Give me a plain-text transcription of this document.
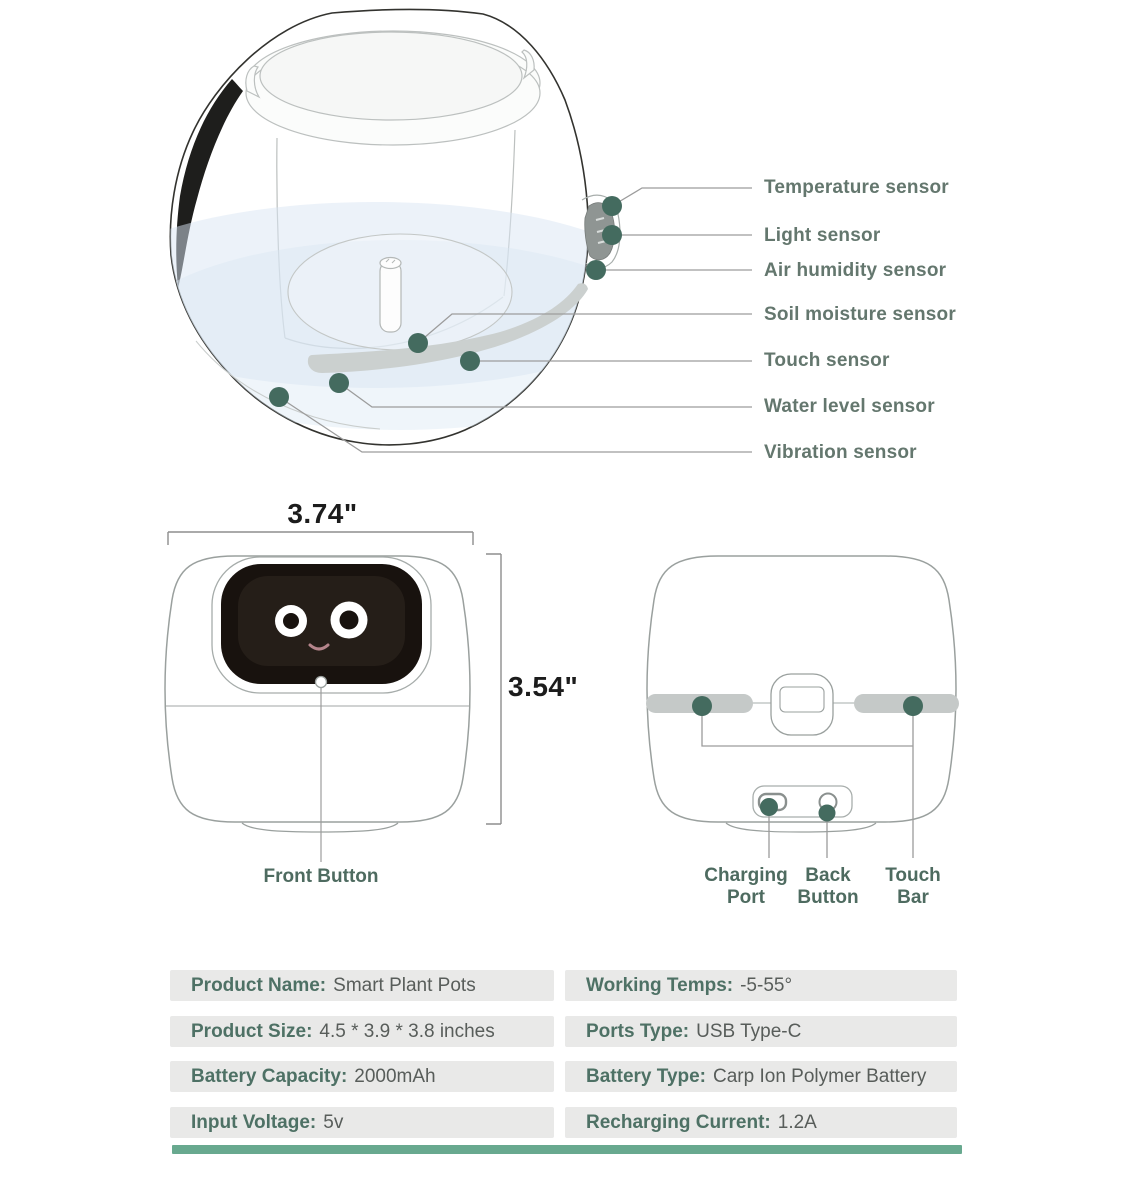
Temperature sensor
Light sensor
Air humidity sensor
Soil moisture sensor
Touch sensor
Water level sensor
Vibration sensor
3.74"
3.54"
Front Button	Charging
Port
Back
Button
Touch
Bar
Product Name: Smart Plant Pots	Working Temps: -5-55°
Product Size: 4.5 * 3.9 * 3.8 inches	Ports Type: USB Type-C
Battery Capacity: 2000mAh	Battery Type: Carp Ion Polymer Battery
Input Voltage: 5v	Recharging Current: 1.2A
